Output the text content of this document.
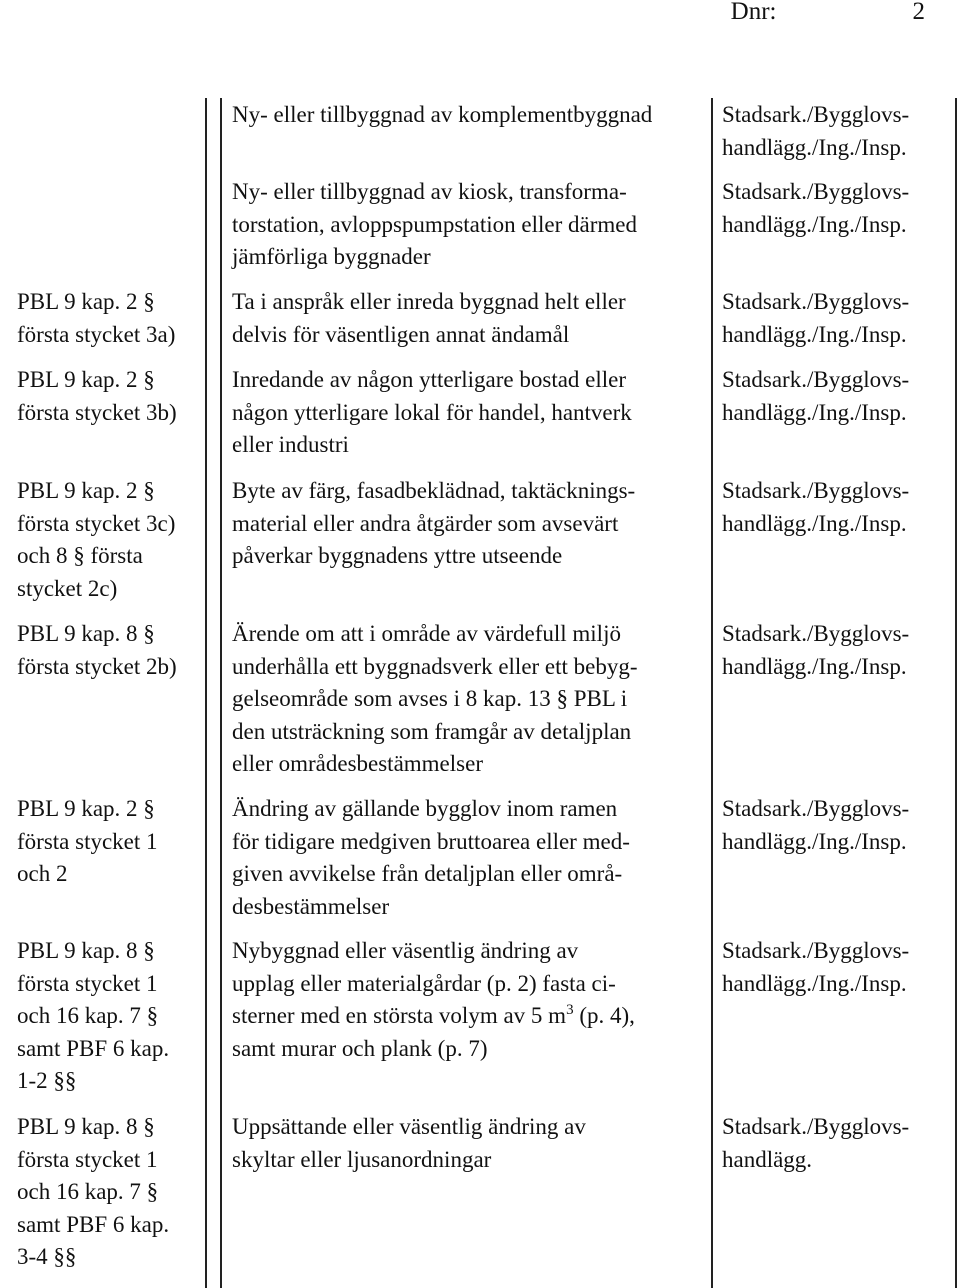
Dnr:	2
Ny- eller tillbyggnad av komplementbyggnad	Stadsark./Bygglovs-
handlägg./Ing./Insp.
Ny- eller tillbyggnad av kiosk, transforma-
torstation, avloppspumpstation eller därmed
jämförliga byggnader
Stadsark./Bygglovs-
handlägg./Ing./Insp.
PBL 9 kap. 2 §
första stycket 3a)
Ta i anspråk eller inreda byggnad helt eller
delvis för väsentligen annat ändamål
Stadsark./Bygglovs-
handlägg./Ing./Insp.
PBL 9 kap. 2 §
första stycket 3b)
Inredande av någon ytterligare bostad eller
någon ytterligare lokal för handel, hantverk
eller industri
Stadsark./Bygglovs-
handlägg./Ing./Insp.
PBL 9 kap. 2 §
första stycket 3c)
och 8 § första
stycket 2c)
Byte av färg, fasadbeklädnad, taktäcknings-
material eller andra åtgärder som avsevärt
påverkar byggnadens yttre utseende
Stadsark./Bygglovs-
handlägg./Ing./Insp.
PBL 9 kap. 8 §
första stycket 2b)
Ärende om att i område av värdefull miljö
underhålla ett byggnadsverk eller ett bebyg-
gelseområde som avses i 8 kap. 13 § PBL i
den utsträckning som framgår av detaljplan
eller områdesbestämmelser
Stadsark./Bygglovs-
handlägg./Ing./Insp.
PBL 9 kap. 2 §
första stycket 1
och 2
Ändring av gällande bygglov inom ramen
för tidigare medgiven bruttoarea eller med-
given avvikelse från detaljplan eller områ-
desbestämmelser
Stadsark./Bygglovs-
handlägg./Ing./Insp.
PBL 9 kap. 8 §
första stycket 1
och 16 kap. 7 §
samt PBF 6 kap.
1-2 §§
Nybyggnad eller väsentlig ändring av
upplag eller materialgårdar (p. 2) fasta ci-
sterner med en största volym av 5 $m^3$ (p. 4),
samt murar och plank (p. 7)
Stadsark./Bygglovs-
handlägg./Ing./Insp.
PBL 9 kap. 8 §
första stycket 1
och 16 kap. 7 §
samt PBF 6 kap.
3-4 §§
Uppsättande eller väsentlig ändring av
skyltar eller ljusanordningar
Stadsark./Bygglovs-
handlägg.
